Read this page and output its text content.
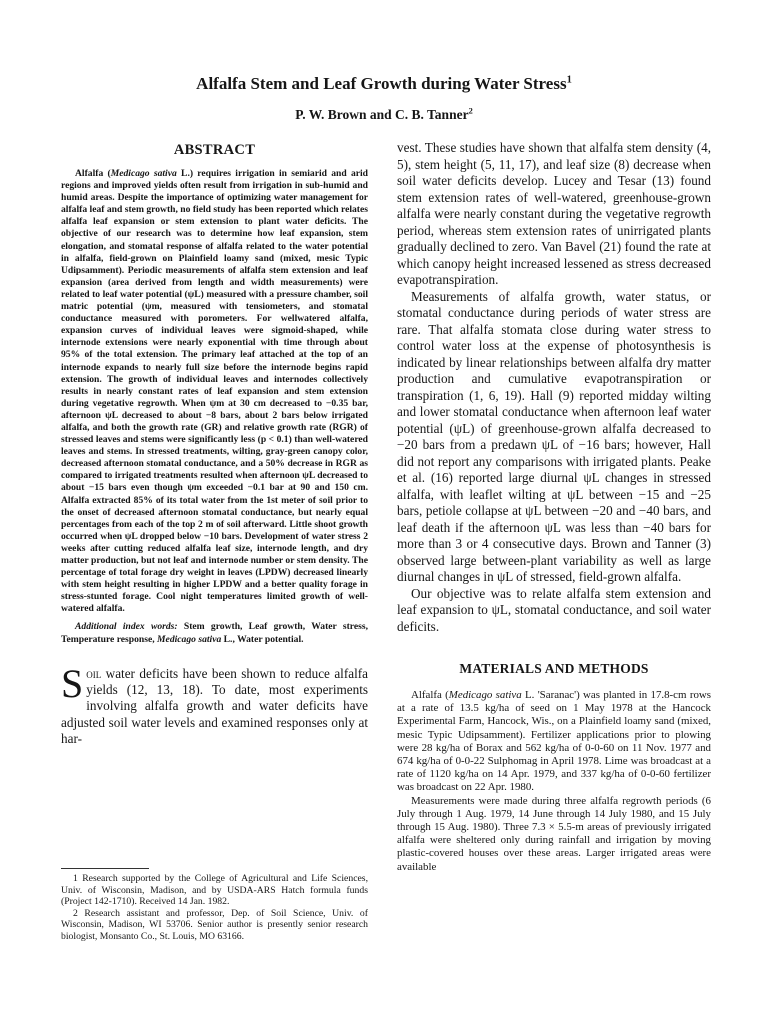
Alfalfa Stem and Leaf Growth during Water Stress$^1$

P. W. Brown and C. B. Tanner$^2$

ABSTRACT

Alfalfa (Medicago sativa L.) requires irrigation in semiarid and arid regions and improved yields often result from irrigation in sub-humid and humid areas. Despite the importance of optimizing water management for alfalfa leaf and stem growth, no field study has been reported which relates alfalfa leaf expansion or stem extension to plant water deficits. The objective of our research was to determine how leaf expansion, stem elongation, and stomatal response of alfalfa related to the water potential in alfalfa, field-grown on Plainfield loamy sand (mixed, mesic Typic Udipsamment). Periodic measurements of alfalfa stem extension and leaf expansion (area derived from length and width measurements) were related to leaf water potential (ψL) measured with a pressure chamber, soil matric potential (ψm, measured with tensiometers, and stomatal conductance measured with porometers. For wellwatered alfalfa, expansion curves of individual leaves were sigmoid-shaped, while internode extensions were nearly exponential with time through about 95% of the total extension. The primary leaf attached at the top of an internode expands to nearly full size before the internode begins rapid extension. The growth of individual leaves and internodes collectively results in nearly constant rates of leaf expansion and stem extension during vegetative regrowth. When ψm at 30 cm decreased to −0.35 bar, afternoon ψL decreased to about −8 bars, about 2 bars below irrigated alfalfa, and both the growth rate (GR) and relative growth rate (RGR) of stressed leaves and stems were significantly less (p < 0.1) than well-watered leaves and stems. In stressed treatments, wilting, gray-green canopy color, decreased afternoon stomatal conductance, and a 50% decrease in RGR as compared to irrigated treatments resulted when afternoon ψL decreased to about −15 bars even though ψm exceeded −0.1 bar at 90 and 150 cm. Alfalfa extracted 85% of its total water from the 1st meter of soil prior to the onset of decreased afternoon stomatal conductance, but nearly equal percentages from each of the top 2 m of soil afterward. Little shoot growth occurred when ψL dropped below −10 bars. Development of water stress 2 weeks after cutting reduced alfalfa leaf size, internode length, and dry matter production, but not leaf and internode number or stem density. The percentage of total forage dry weight in leaves (LPDW) decreased linearly with stem height resulting in higher LPDW and a better quality forage in stress-stunted forage. Cool night temperatures limited growth of well-watered alfalfa.

Additional index words: Stem growth, Leaf growth, Water stress, Temperature response, Medicago sativa L., Water potential.

Soil water deficits have been shown to reduce alfalfa yields (12, 13, 18). To date, most experiments involving alfalfa growth and water deficits have adjusted soil water levels and examined responses only at har-

1 Research supported by the College of Agricultural and Life Sciences, Univ. of Wisconsin, Madison, and by USDA-ARS Hatch formula funds (Project 142-1710). Received 14 Jan. 1982.

2 Research assistant and professor, Dep. of Soil Science, Univ. of Wisconsin, Madison, WI 53706. Senior author is presently senior research biologist, Monsanto Co., St. Louis, MO 63166.

vest. These studies have shown that alfalfa stem density (4, 5), stem height (5, 11, 17), and leaf size (8) decrease when soil water deficits develop. Lucey and Tesar (13) found stem extension rates of well-watered, greenhouse-grown alfalfa were nearly constant during the vegetative regrowth period, whereas stem extension rates of unirrigated plants gradually declined to zero. Van Bavel (21) found the rate at which canopy height increased lessened as stress decreased evapotranspiration.

Measurements of alfalfa growth, water status, or stomatal conductance during periods of water stress are rare. That alfalfa stomata close during water stress to control water loss at the expense of photosynthesis is indicated by linear relationships between alfalfa dry matter production and cumulative evapotranspiration or transpiration (1, 6, 19). Hall (9) reported midday wilting and lower stomatal conductance when afternoon leaf water potential (ψL) of greenhouse-grown alfalfa decreased to −20 bars from a predawn ψL of −16 bars; however, Hall did not report any comparisons with irrigated plants. Peake et al. (16) reported large diurnal ψL changes in stressed alfalfa, with leaflet wilting at ψL between −15 and −25 bars, petiole collapse at ψL between −20 and −40 bars, and leaf death if the afternoon ψL was less than −40 bars for more than 3 or 4 consecutive days. Brown and Tanner (3) observed large between-plant variability as well as large diurnal changes in ψL of stressed, field-grown alfalfa.

Our objective was to relate alfalfa stem extension and leaf expansion to ψL, stomatal conductance, and soil water deficits.

MATERIALS AND METHODS

Alfalfa (Medicago sativa L. 'Saranac') was planted in 17.8-cm rows at a rate of 13.5 kg/ha of seed on 1 May 1978 at the Hancock Experimental Farm, Hancock, Wis., on a Plainfield loamy sand (mixed, mesic Typic Udipsamment). Fertilizer applications prior to plowing were 28 kg/ha of Borax and 562 kg/ha of 0-0-60 on 11 Nov. 1977 and 674 kg/ha of 0-0-22 Sulphomag in April 1978. Lime was broadcast at a rate of 1120 kg/ha on 14 Apr. 1979, and 337 kg/ha of 0-0-60 fertilizer was broadcast on 22 Apr. 1980.

Measurements were made during three alfalfa regrowth periods (6 July through 1 Aug. 1979, 14 June through 14 July 1980, and 15 July through 15 Aug. 1980). Three 7.3 × 5.5-m areas of previously irrigated alfalfa were sheltered only during rainfall and irrigation by moving plastic-covered houses over these areas. Larger irrigated areas were available
